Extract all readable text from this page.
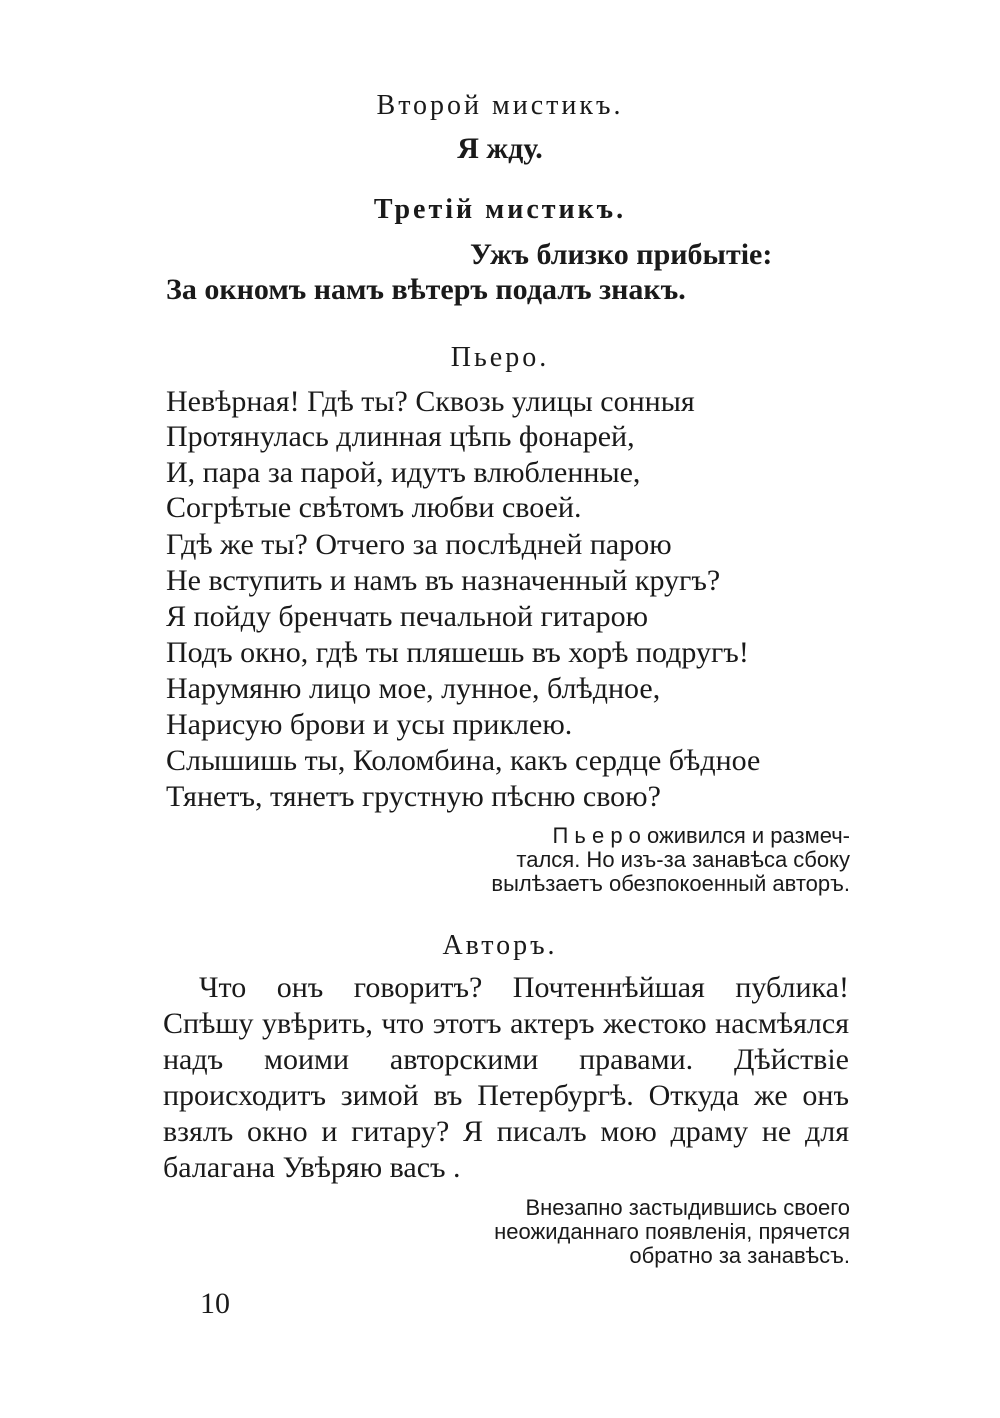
Второй мистикъ.
Я жду.
Третій мистикъ.
Ужъ близко прибытіе:
За окномъ намъ вѣтеръ подалъ знакъ.
Пьеро.
Невѣрная! Гдѣ ты? Сквозь улицы сонныя
Протянулась длинная цѣпь фонарей,
И, пара за парой, идутъ влюбленные,
Согрѣтые свѣтомъ любви своей.
Гдѣ же ты? Отчего за послѣдней парою
Не вступить и намъ въ назначенный кругъ?
Я пойду бренчать печальной гитарою
Подъ окно, гдѣ ты пляшешь въ хорѣ подругъ!
Нарумяню лицо мое, лунное, блѣдное,
Нарисую брови и усы приклею.
Слышишь ты, Коломбина, какъ сердце бѣдное
Тянетъ, тянетъ грустную пѣсню свою?
П ь е р о оживился и размеч-
тался. Но изъ-за занавѣса сбоку
вылѣзаетъ обезпокоенный авторъ.
Авторъ.
Что онъ говоритъ? Почтеннѣйшая публика! Спѣшу увѣрить, что этотъ актеръ жестоко насмѣялся надъ моими авторскими правами. Дѣйствіе происходитъ зимой въ Петербургѣ. Откуда же онъ взялъ окно и гитару? Я писалъ мою драму не для балагана Увѣряю васъ .
Внезапно застыдившись своего
неожиданнаго появленія, прячется
обратно за занавѣсъ.
10
